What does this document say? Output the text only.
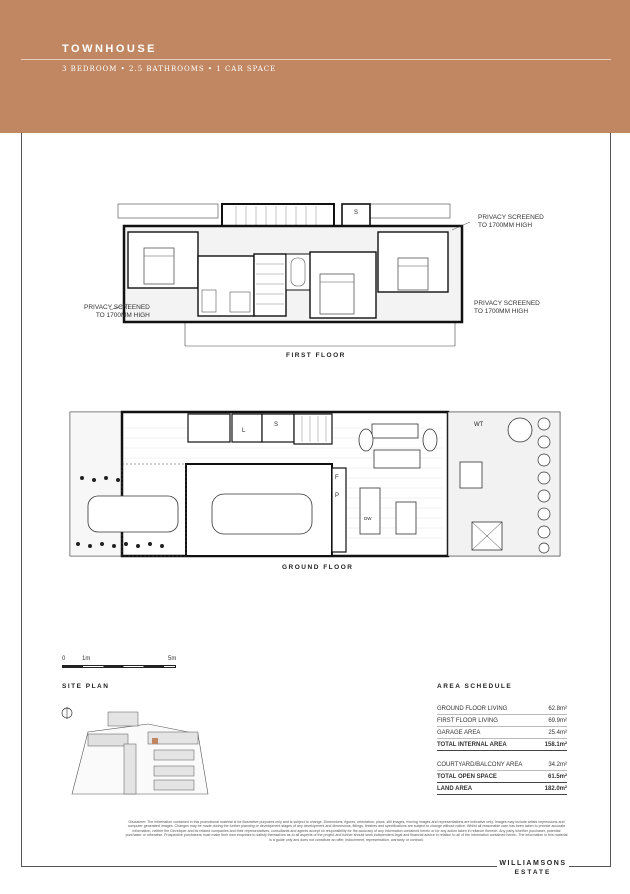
TOWNHOUSE
3 BEDROOM • 2.5 BATHROOMS • 1 CAR SPACE
S
PRIVACY SCREENED
TO 1700MM HIGH
PRIVACY SCREENED
TO 1700MM HIGH
PRIVACY SCREENED
TO 1700MM HIGH
FIRST FLOOR
L
S
F
P
DW
WT
GROUND FLOOR
0	1m	5m
SITE PLAN	AREA SCHEDULE
GROUND FLOOR LIVING	62.8m²
FIRST FLOOR LIVING	69.9m²
GARAGE AREA	25.4m²
TOTAL INTERNAL AREA	158.1m²
COURTYARD/BALCONY AREA	34.2m²
TOTAL OPEN SPACE	61.5m²
LAND AREA	182.0m²
Disclaimer: The information contained in this promotional material is for illustrative purposes only and is subject to change. Dimensions, figures, orientation, plans, still images, moving images and representations are indicative only. Images may include artists impressions and computer generated images. Changes may be made during the further planning or development stages of any development and dimensions, fittings, finishes and specifications are subject to change without notice. Whilst all reasonable care has been taken to provide accurate information, neither the Developer and its related companies and their representatives, consultants and agents accept no responsibility for the accuracy of any information contained herein or for any action taken in reliance thereon. Any party whether purchaser, potential purchaser or otherwise. Prospective purchasers must make their own enquiries to satisfy themselves as to all aspects of the project and further should seek independent legal and financial advice in relation to all of the information contained herein. The information in this material is a guide only and does not constitute an offer, inducement, representation, warranty or contract.
WILLIAMSONS
ESTATE
